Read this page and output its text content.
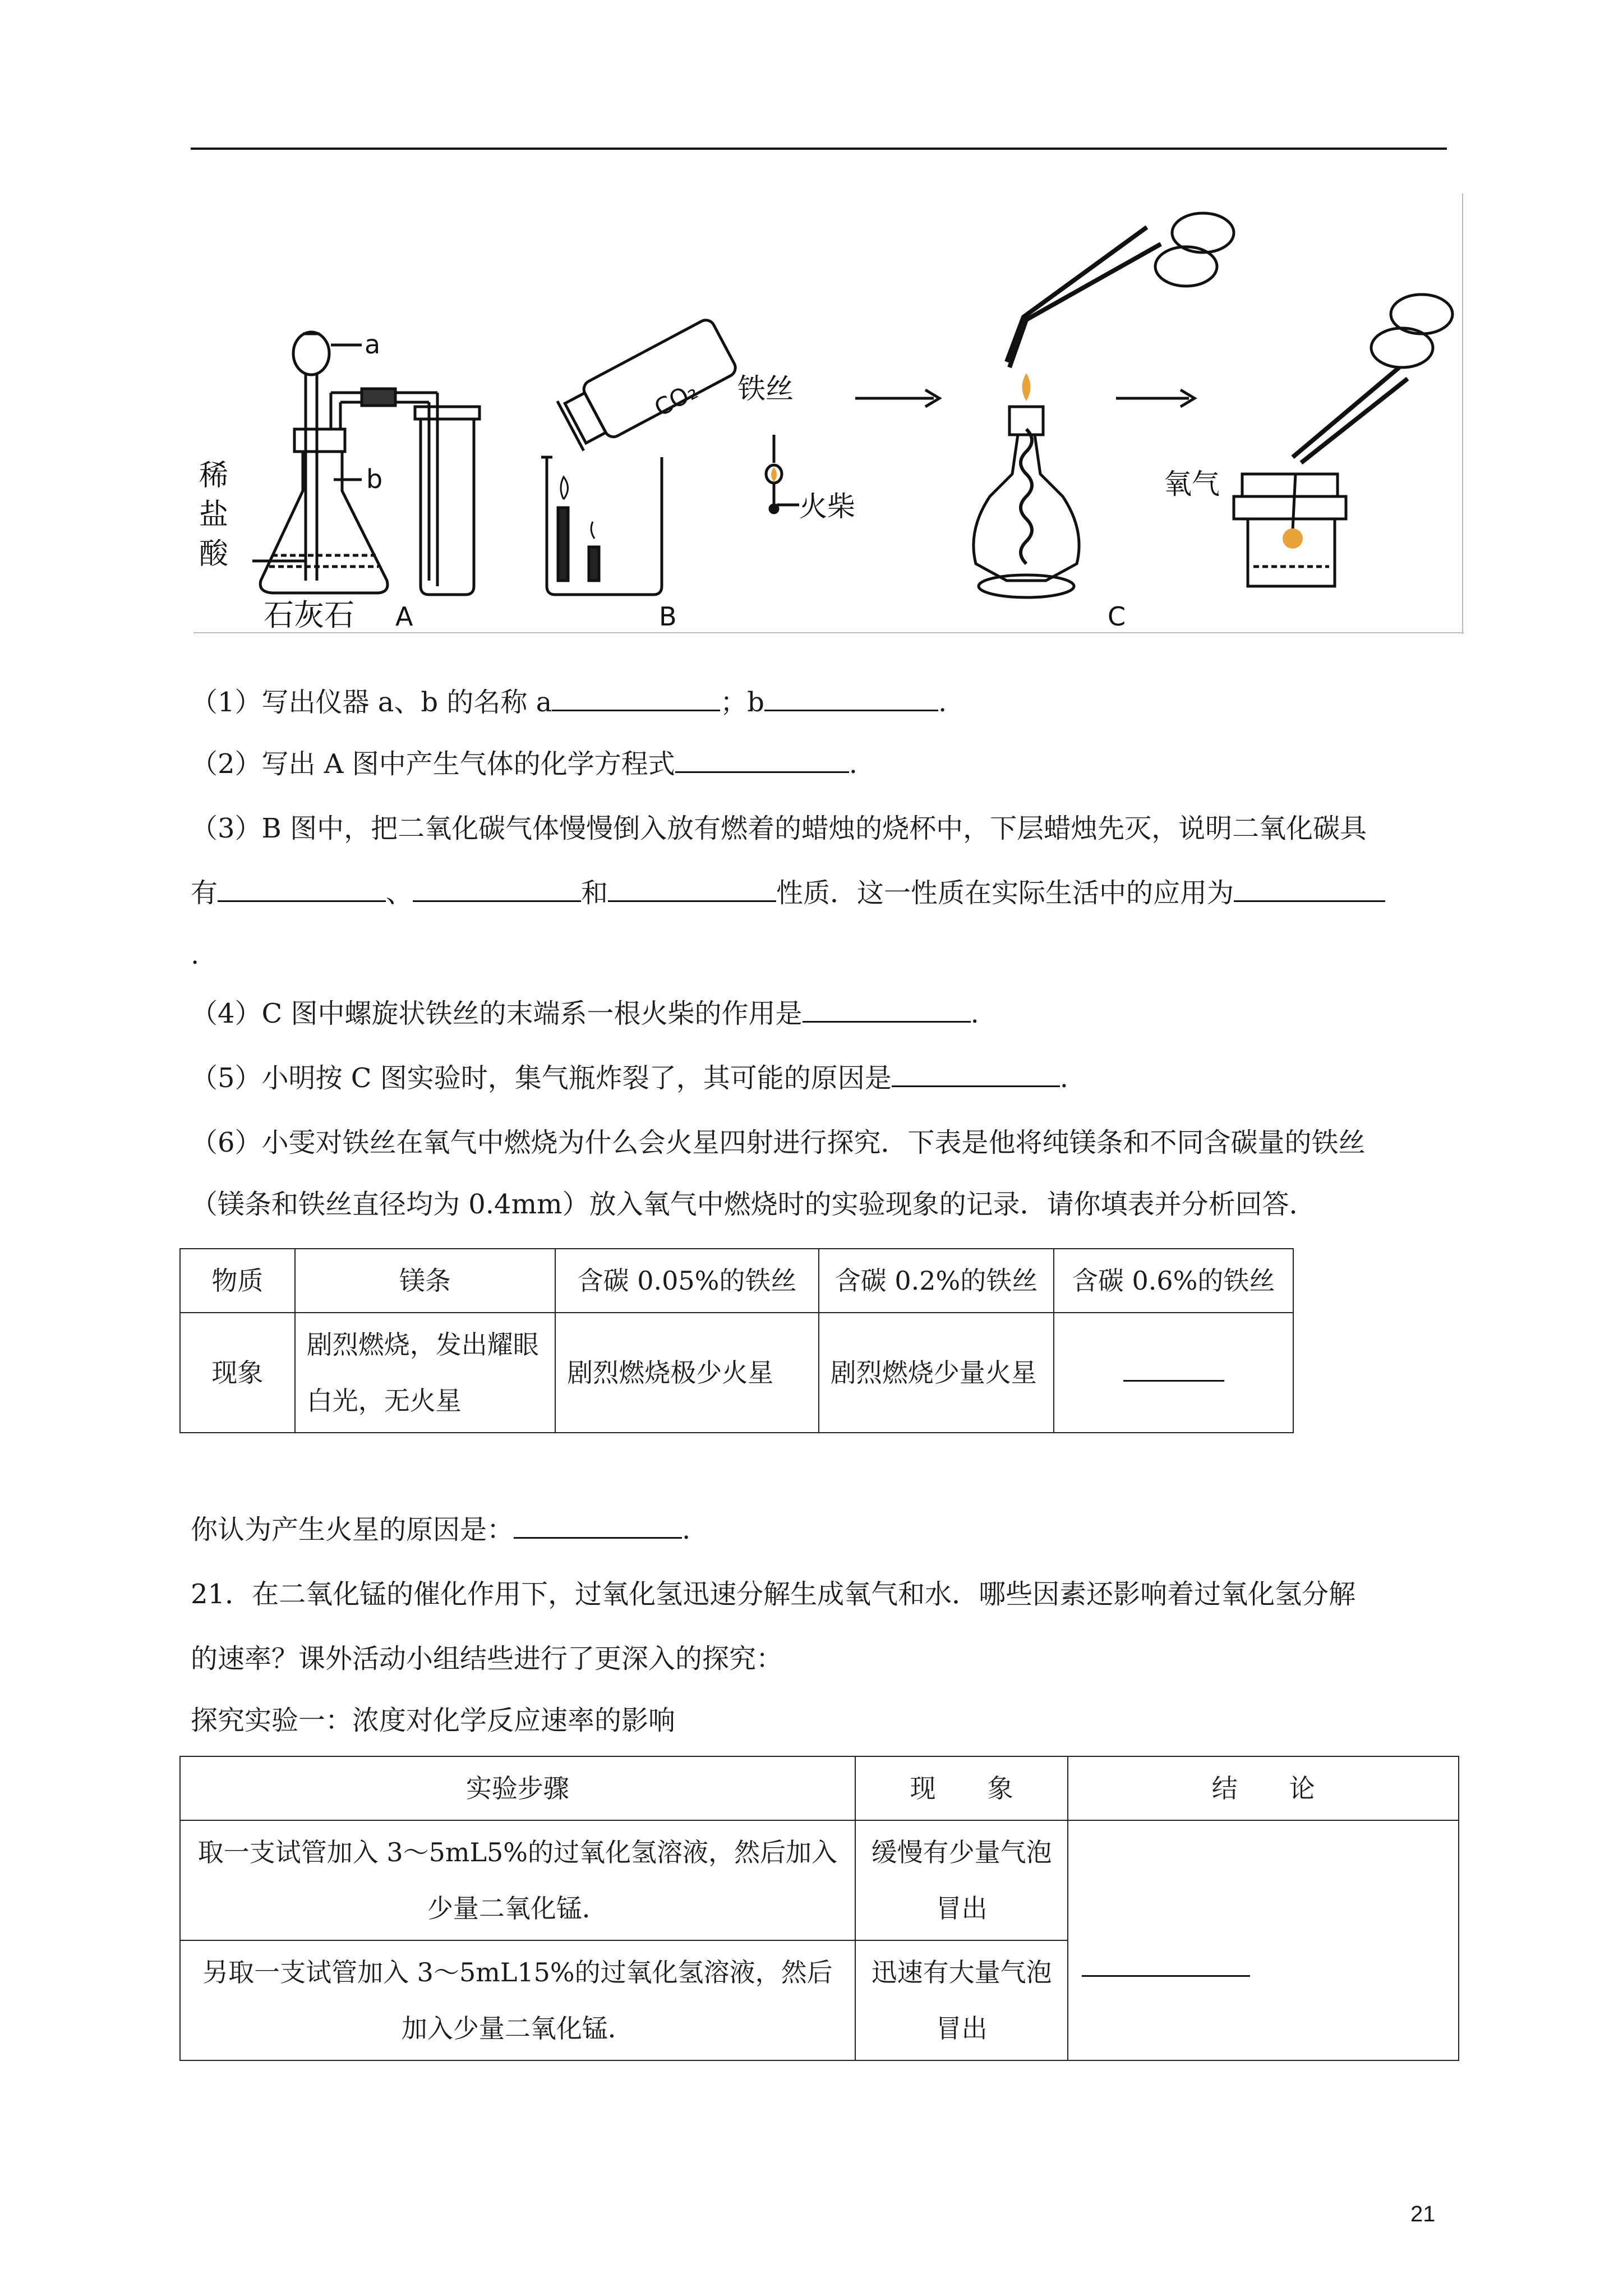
a
b
稀
盐
酸
石灰石 A
CO₂
B
铁丝
火柴
氧气
C
（1）写出仪器 a、b 的名称 a	；b	.
（2）写出 A 图中产生气体的化学方程式	.
（3）B 图中，把二氧化碳气体慢慢倒入放有燃着的蜡烛的烧杯中，下层蜡烛先灭，说明二氧化碳具
有	、	和	性质．这一性质在实际生活中的应用为
.
（4）C 图中螺旋状铁丝的末端系一根火柴的作用是	.
（5）小明按 C 图实验时，集气瓶炸裂了，其可能的原因是	.
（6）小雯对铁丝在氧气中燃烧为什么会火星四射进行探究．下表是他将纯镁条和不同含碳量的铁丝
（镁条和铁丝直径均为 0.4mm）放入氧气中燃烧时的实验现象的记录．请你填表并分析回答．
物质	镁条	含碳 0.05%的铁丝	含碳 0.2%的铁丝	含碳 0.6%的铁丝
现象	剧烈燃烧，发出耀眼白光，无火星	剧烈燃烧极少火星	剧烈燃烧少量火星	
你认为产生火星的原因是：	.
21．在二氧化锰的催化作用下，过氧化氢迅速分解生成氧气和水．哪些因素还影响着过氧化氢分解
的速率？课外活动小组结些进行了更深入的探究：
探究实验一：浓度对化学反应速率的影响
实验步骤	现　　象	结　　论
取一支试管加入 3～5mL5%的过氧化氢溶液，然后加入少量二氧化锰．	缓慢有少量气泡冒出	
另取一支试管加入 3～5mL15%的过氧化氢溶液，然后加入少量二氧化锰．	迅速有大量气泡冒出	
21
